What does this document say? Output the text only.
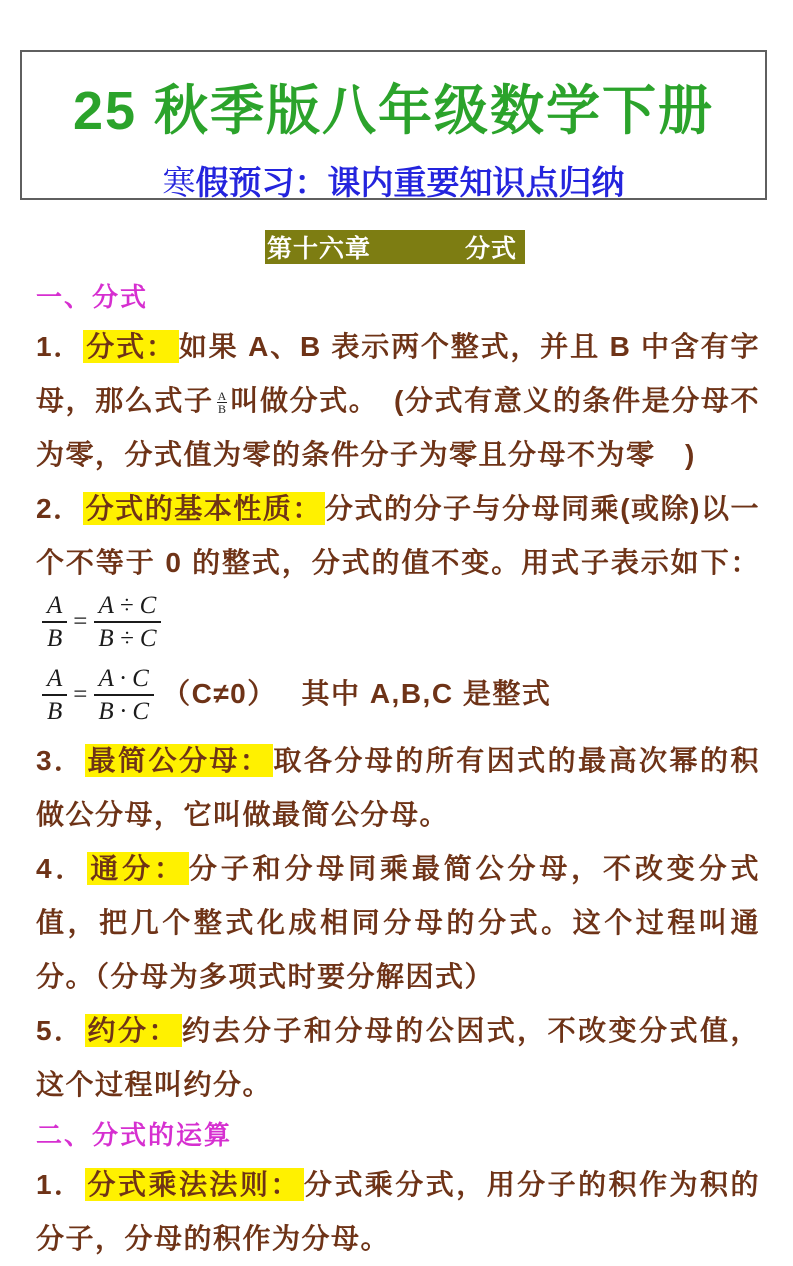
25 秋季版八年级数学下册
寒假预习：课内重要知识点归纳
第十六章	分式

一、分式

1． 分式： 如果 A、B 表示两个整式，并且 B 中含有字母，那么式子 $\frac{A}{B}$ 叫做分式。　(分式有意义的条件是分母不为零，分式值为零的条件分子为零且分母不为零　)

2． 分式的基本性质： 分式的分子与分母同乘(或除)以一个不等于 0 的整式，分式的值不变。用式子表示如下：
$\frac{A}{B} = \frac{A \div C}{B \div C}$

$\frac{A}{B} = \frac{A \cdot C}{B \cdot C} (C\ne 0)$　 其中 A,B,C 是整式

3． 最简公分母： 取各分母的所有因式的最高次幂的积做公分母，它叫做最简公分母。

4． 通分： 分子和分母同乘最简公分母，不改变分式值，把几个整式化成相同分母的分式。这个过程叫通分。（分母为多项式时要分解因式）

5． 约分： 约去分子和分母的公因式，不改变分式值，这个过程叫约分。

二、分式的运算

1． 分式乘法法则： 分式乘分式，用分子的积作为积的分子，分母的积作为分母。
